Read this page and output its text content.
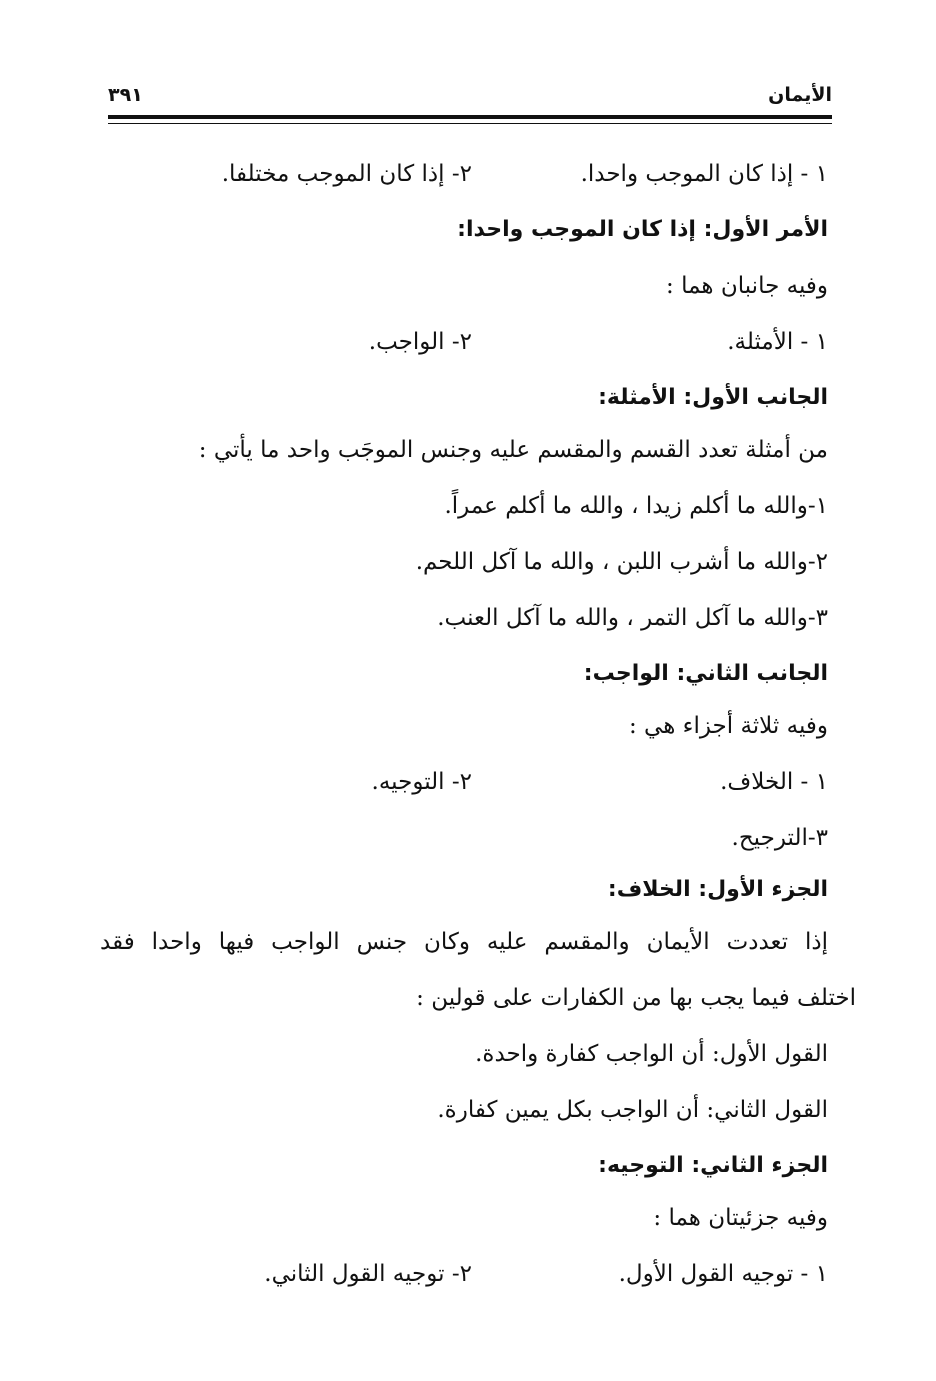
الأيمان
٣٩١
١ - إذا كان الموجب واحدا.
٢- إذا كان الموجب مختلفا.
الأمر الأول: إذا كان الموجب واحدا:
وفيه جانبان هما :
١ - الأمثلة.
٢- الواجب.
الجانب الأول: الأمثلة:
من أمثلة تعدد القسم والمقسم عليه وجنس الموجَب واحد ما يأتي :
١-والله ما أكلم زيدا ، والله ما أكلم عمراً.
٢-والله ما أشرب اللبن ، والله ما آكل اللحم.
٣-والله ما آكل التمر ، والله ما آكل العنب.
الجانب الثاني: الواجب:
وفيه ثلاثة أجزاء هي :
١ - الخلاف.
٢- التوجيه.
٣-الترجيح.
الجزء الأول: الخلاف:
إذا تعددت الأيمان والمقسم عليه وكان جنس الواجب فيها واحدا فقد
اختلف فيما يجب بها من الكفارات على قولين :
القول الأول: أن الواجب كفارة واحدة.
القول الثاني: أن الواجب بكل يمين كفارة.
الجزء الثاني: التوجيه:
وفيه جزئيتان هما :
١ - توجيه القول الأول.
٢- توجيه القول الثاني.
